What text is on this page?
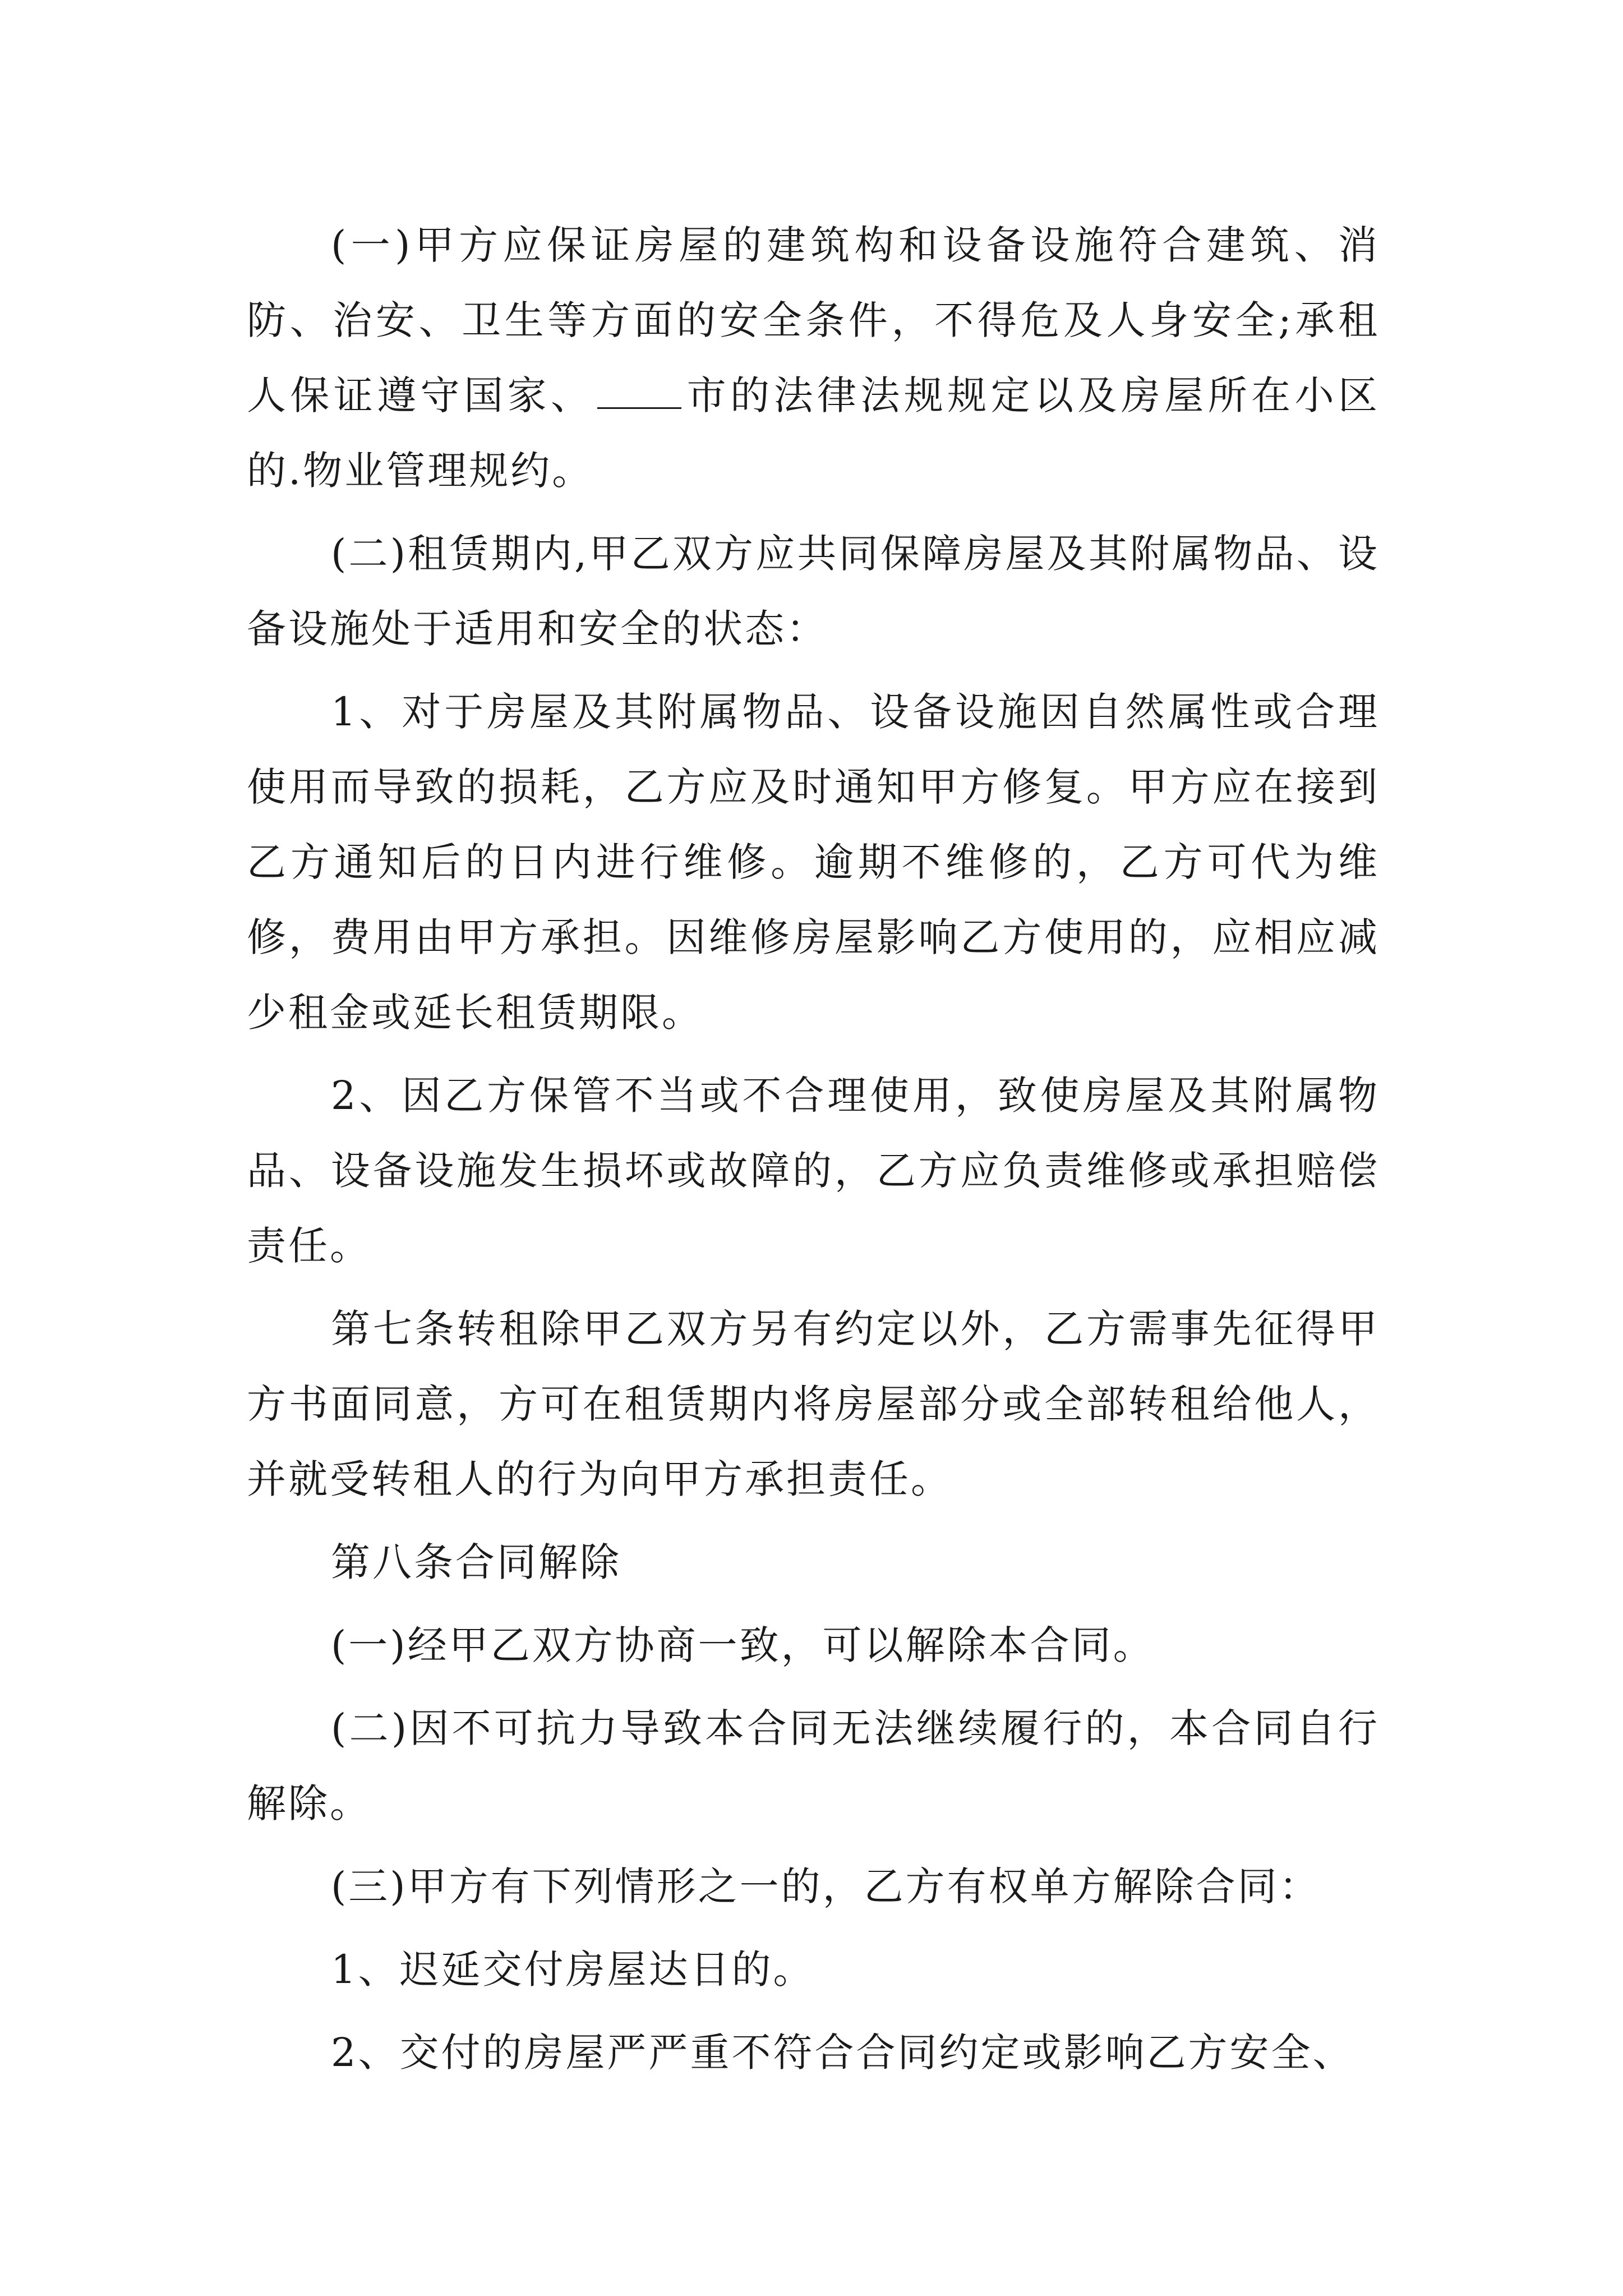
(一)甲方应保证房屋的建筑构和设备设施符合建筑、消防、治安、卫生等方面的安全条件，不得危及人身安全;承租人保证遵守国家、 市的法律法规规定以及房屋所在小区的.物业管理规约。

(二)租赁期内,甲乙双方应共同保障房屋及其附属物品、设备设施处于适用和安全的状态：

1、对于房屋及其附属物品、设备设施因自然属性或合理使用而导致的损耗，乙方应及时通知甲方修复。甲方应在接到乙方通知后的日内进行维修。逾期不维修的，乙方可代为维修，费用由甲方承担。因维修房屋影响乙方使用的，应相应减少租金或延长租赁期限。

2、因乙方保管不当或不合理使用，致使房屋及其附属物品、设备设施发生损坏或故障的，乙方应负责维修或承担赔偿责任。

第七条转租除甲乙双方另有约定以外，乙方需事先征得甲方书面同意，方可在租赁期内将房屋部分或全部转租给他人，并就受转租人的行为向甲方承担责任。

第八条合同解除

(一)经甲乙双方协商一致，可以解除本合同。

(二)因不可抗力导致本合同无法继续履行的，本合同自行解除。

(三)甲方有下列情形之一的，乙方有权单方解除合同：

1、迟延交付房屋达日的。

2、交付的房屋严严重不符合合同约定或影响乙方安全、
